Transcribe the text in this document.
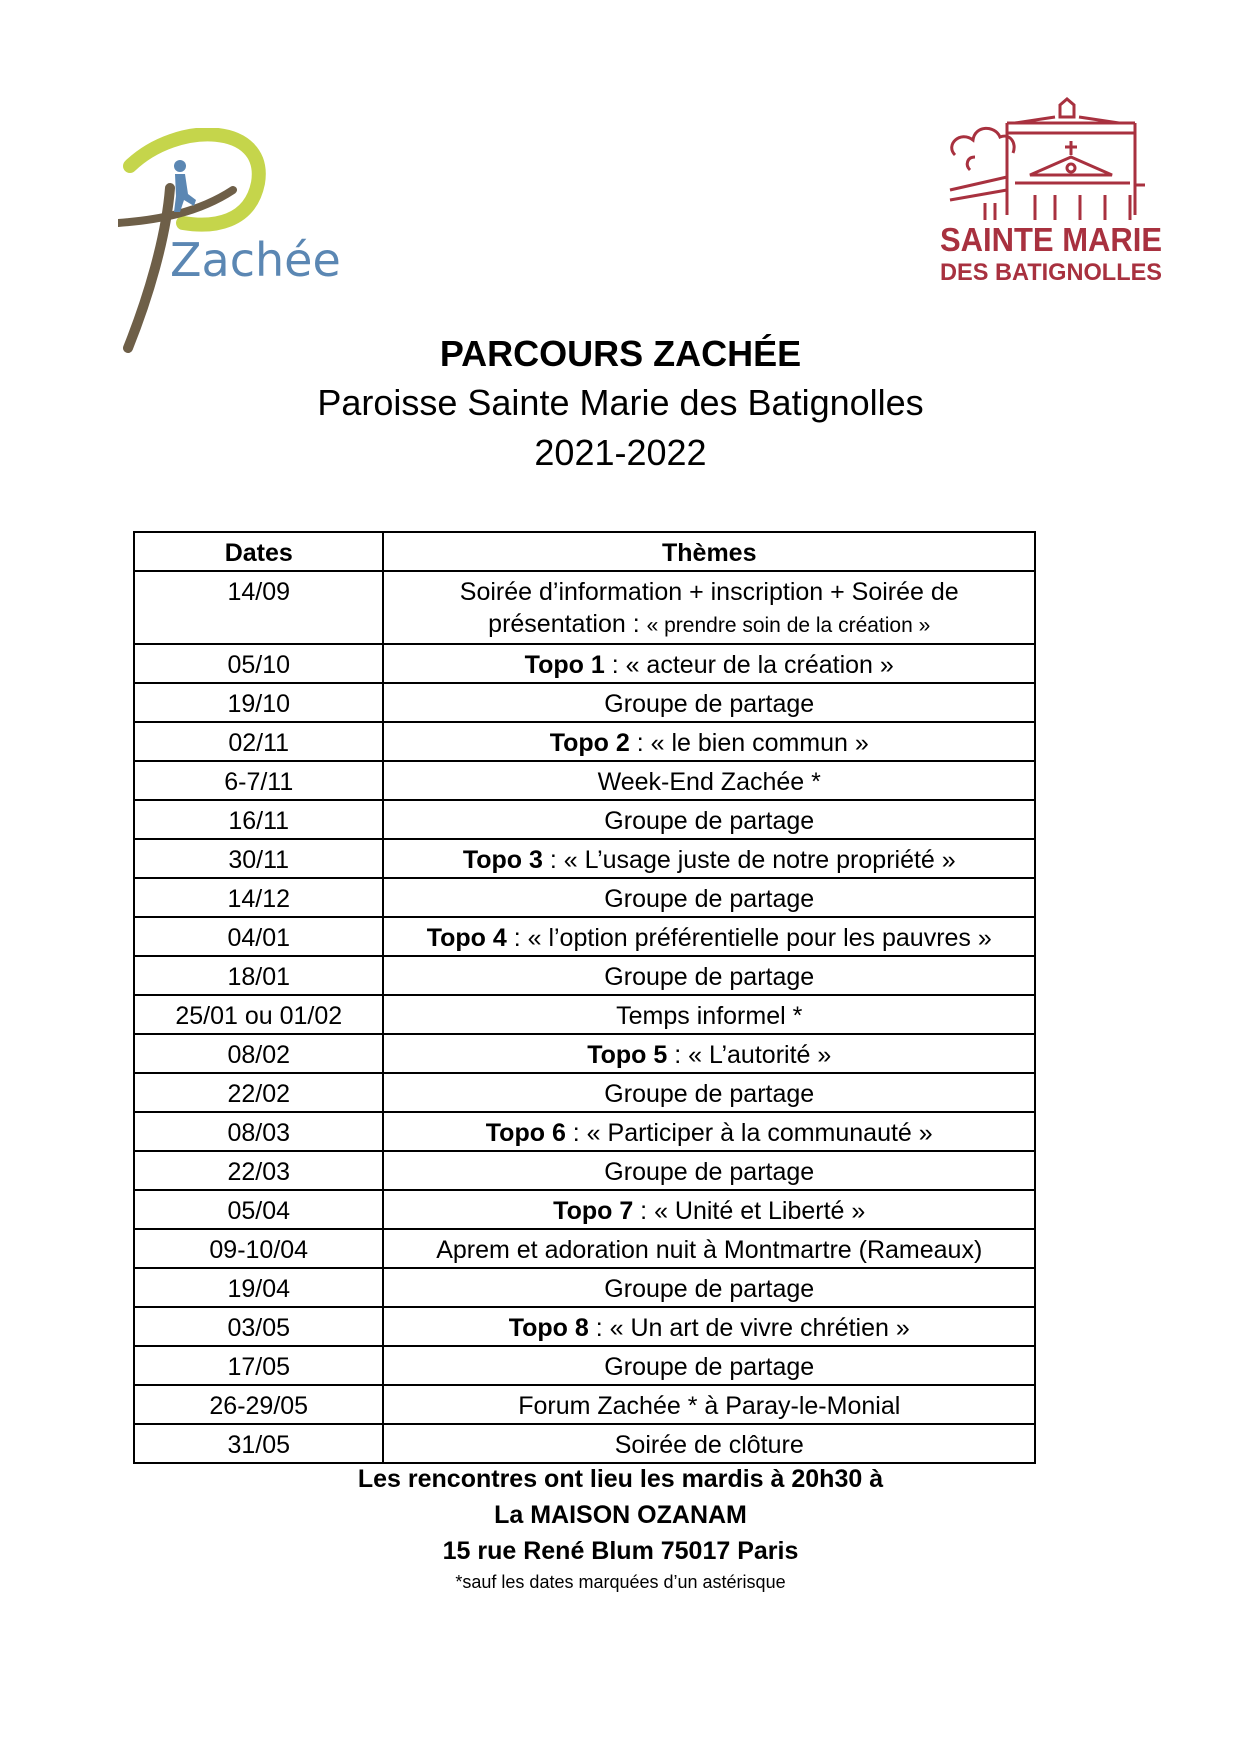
Zachée	SAINTE MARIE
DES BATIGNOLLES
PARCOURS ZACHÉE
Paroisse Sainte Marie des Batignolles
2021-2022
Dates	Thèmes
14/09	Soirée d’information + inscription + Soirée de présentation : « prendre soin de la création »
05/10	Topo 1 : « acteur de la création »
19/10	Groupe de partage
02/11	Topo 2 : « le bien commun »
6-7/11	Week-End Zachée *
16/11	Groupe de partage
30/11	Topo 3 : « L’usage juste de notre propriété »
14/12	Groupe de partage
04/01	Topo 4 : « l’option préférentielle pour les pauvres »
18/01	Groupe de partage
25/01 ou 01/02	Temps informel *
08/02	Topo 5 : « L’autorité »
22/02	Groupe de partage
08/03	Topo 6 : « Participer à la communauté »
22/03	Groupe de partage
05/04	Topo 7 : « Unité et Liberté »
09-10/04	Aprem et adoration nuit à Montmartre (Rameaux)
19/04	Groupe de partage
03/05	Topo 8 : « Un art de vivre chrétien »
17/05	Groupe de partage
26-29/05	Forum Zachée * à Paray-le-Monial
31/05	Soirée de clôture
Les rencontres ont lieu les mardis à 20h30 à
La MAISON OZANAM
15 rue René Blum 75017 Paris
*sauf les dates marquées d’un astérisque
